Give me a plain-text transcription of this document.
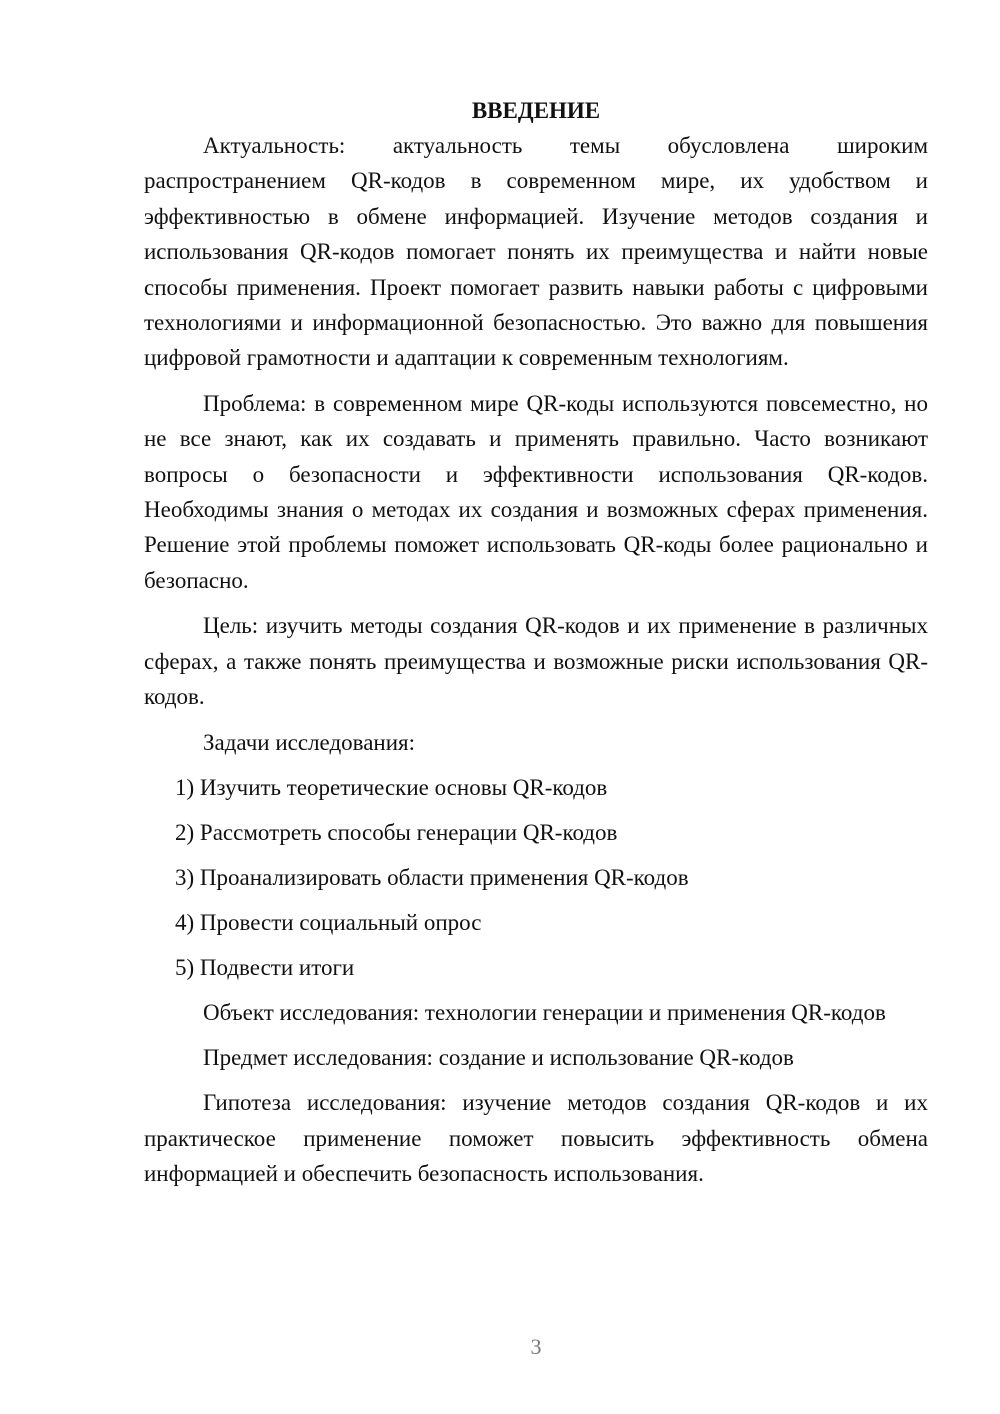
ВВЕДЕНИЕ

Актуальность: актуальность темы обусловлена широким распространением QR-кодов в современном мире, их удобством и эффективностью в обмене информацией. Изучение методов создания и использования QR-кодов помогает понять их преимущества и найти новые способы применения. Проект помогает развить навыки работы с цифровыми технологиями и информационной безопасностью. Это важно для повышения цифровой грамотности и адаптации к современным технологиям.

Проблема: в современном мире QR-коды используются повсеместно, но не все знают, как их создавать и применять правильно. Часто возникают вопросы о безопасности и эффективности использования QR-кодов. Необходимы знания о методах их создания и возможных сферах применения. Решение этой проблемы поможет использовать QR-коды более рационально и безопасно.

Цель: изучить методы создания QR-кодов и их применение в различных сферах, а также понять преимущества и возможные риски использования QR-кодов.

Задачи исследования:

1) Изучить теоретические основы QR-кодов

2) Рассмотреть способы генерации QR-кодов

3) Проанализировать области применения QR-кодов

4) Провести социальный опрос

5) Подвести итоги

Объект исследования: технологии генерации и применения QR-кодов

Предмет исследования: создание и использование QR-кодов

Гипотеза исследования: изучение методов создания QR-кодов и их практическое применение поможет повысить эффективность обмена информацией и обеспечить безопасность использования.

3
